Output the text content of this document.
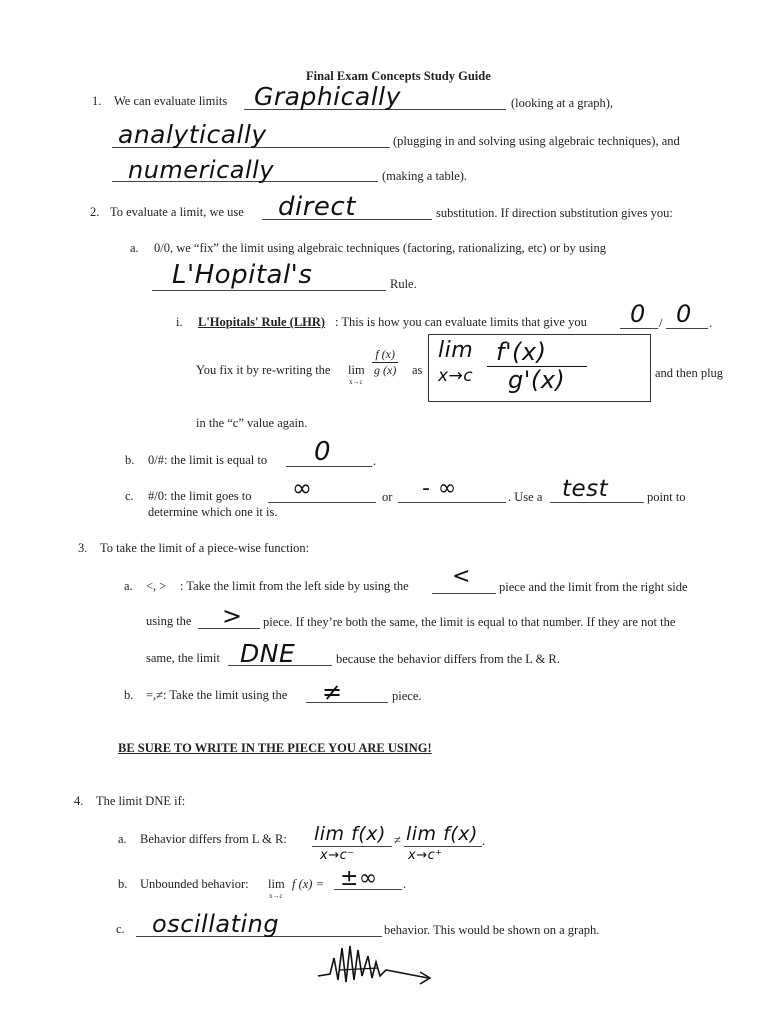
Final Exam Concepts Study Guide
1. We can evaluate limits Graphically	(looking at a graph),
analytically	(plugging in and solving using algebraic techniques), and
numerically	(making a table).
2. To evaluate a limit, we use direct	substitution. If direction substitution gives you:
a. 0/0, we “fix” the limit using algebraic techniques (factoring, rationalizing, etc) or by using
L'Hopital's	Rule.
i. L'Hopitals' Rule (LHR) : This is how you can evaluate limits that give you 0 / 0 .
You fix it by re-writing the lim
x→c
$\frac{f (x)}{g (x)}$ as
lim
x→c
f'(x)
g'(x)	and then plug
in the “c” value again.
b. 0/#: the limit is equal to 0	.
c. #/0: the limit goes to ∞	or - ∞	. Use a test	point to
determine which one it is.
3. To take the limit of a piece-wise function:
a. <, > : Take the limit from the left side by using the < piece and the limit from the right side
using the > piece. If they’re both the same, the limit is equal to that number. If they are not the
same, the limit DNE	because the behavior differs from the L & R.
b. =,≠: Take the limit using the ≠	piece.
BE SURE TO WRITE IN THE PIECE YOU ARE USING!
4. The limit DNE if:
a. Behavior differs from L & R: lim f(x)
x→c⁻
≠ lim f(x)
x→c⁺
.
b. Unbounded behavior: lim
x→c
f (x) = ±∞ .
c. oscillating	behavior. This would be shown on a graph.
